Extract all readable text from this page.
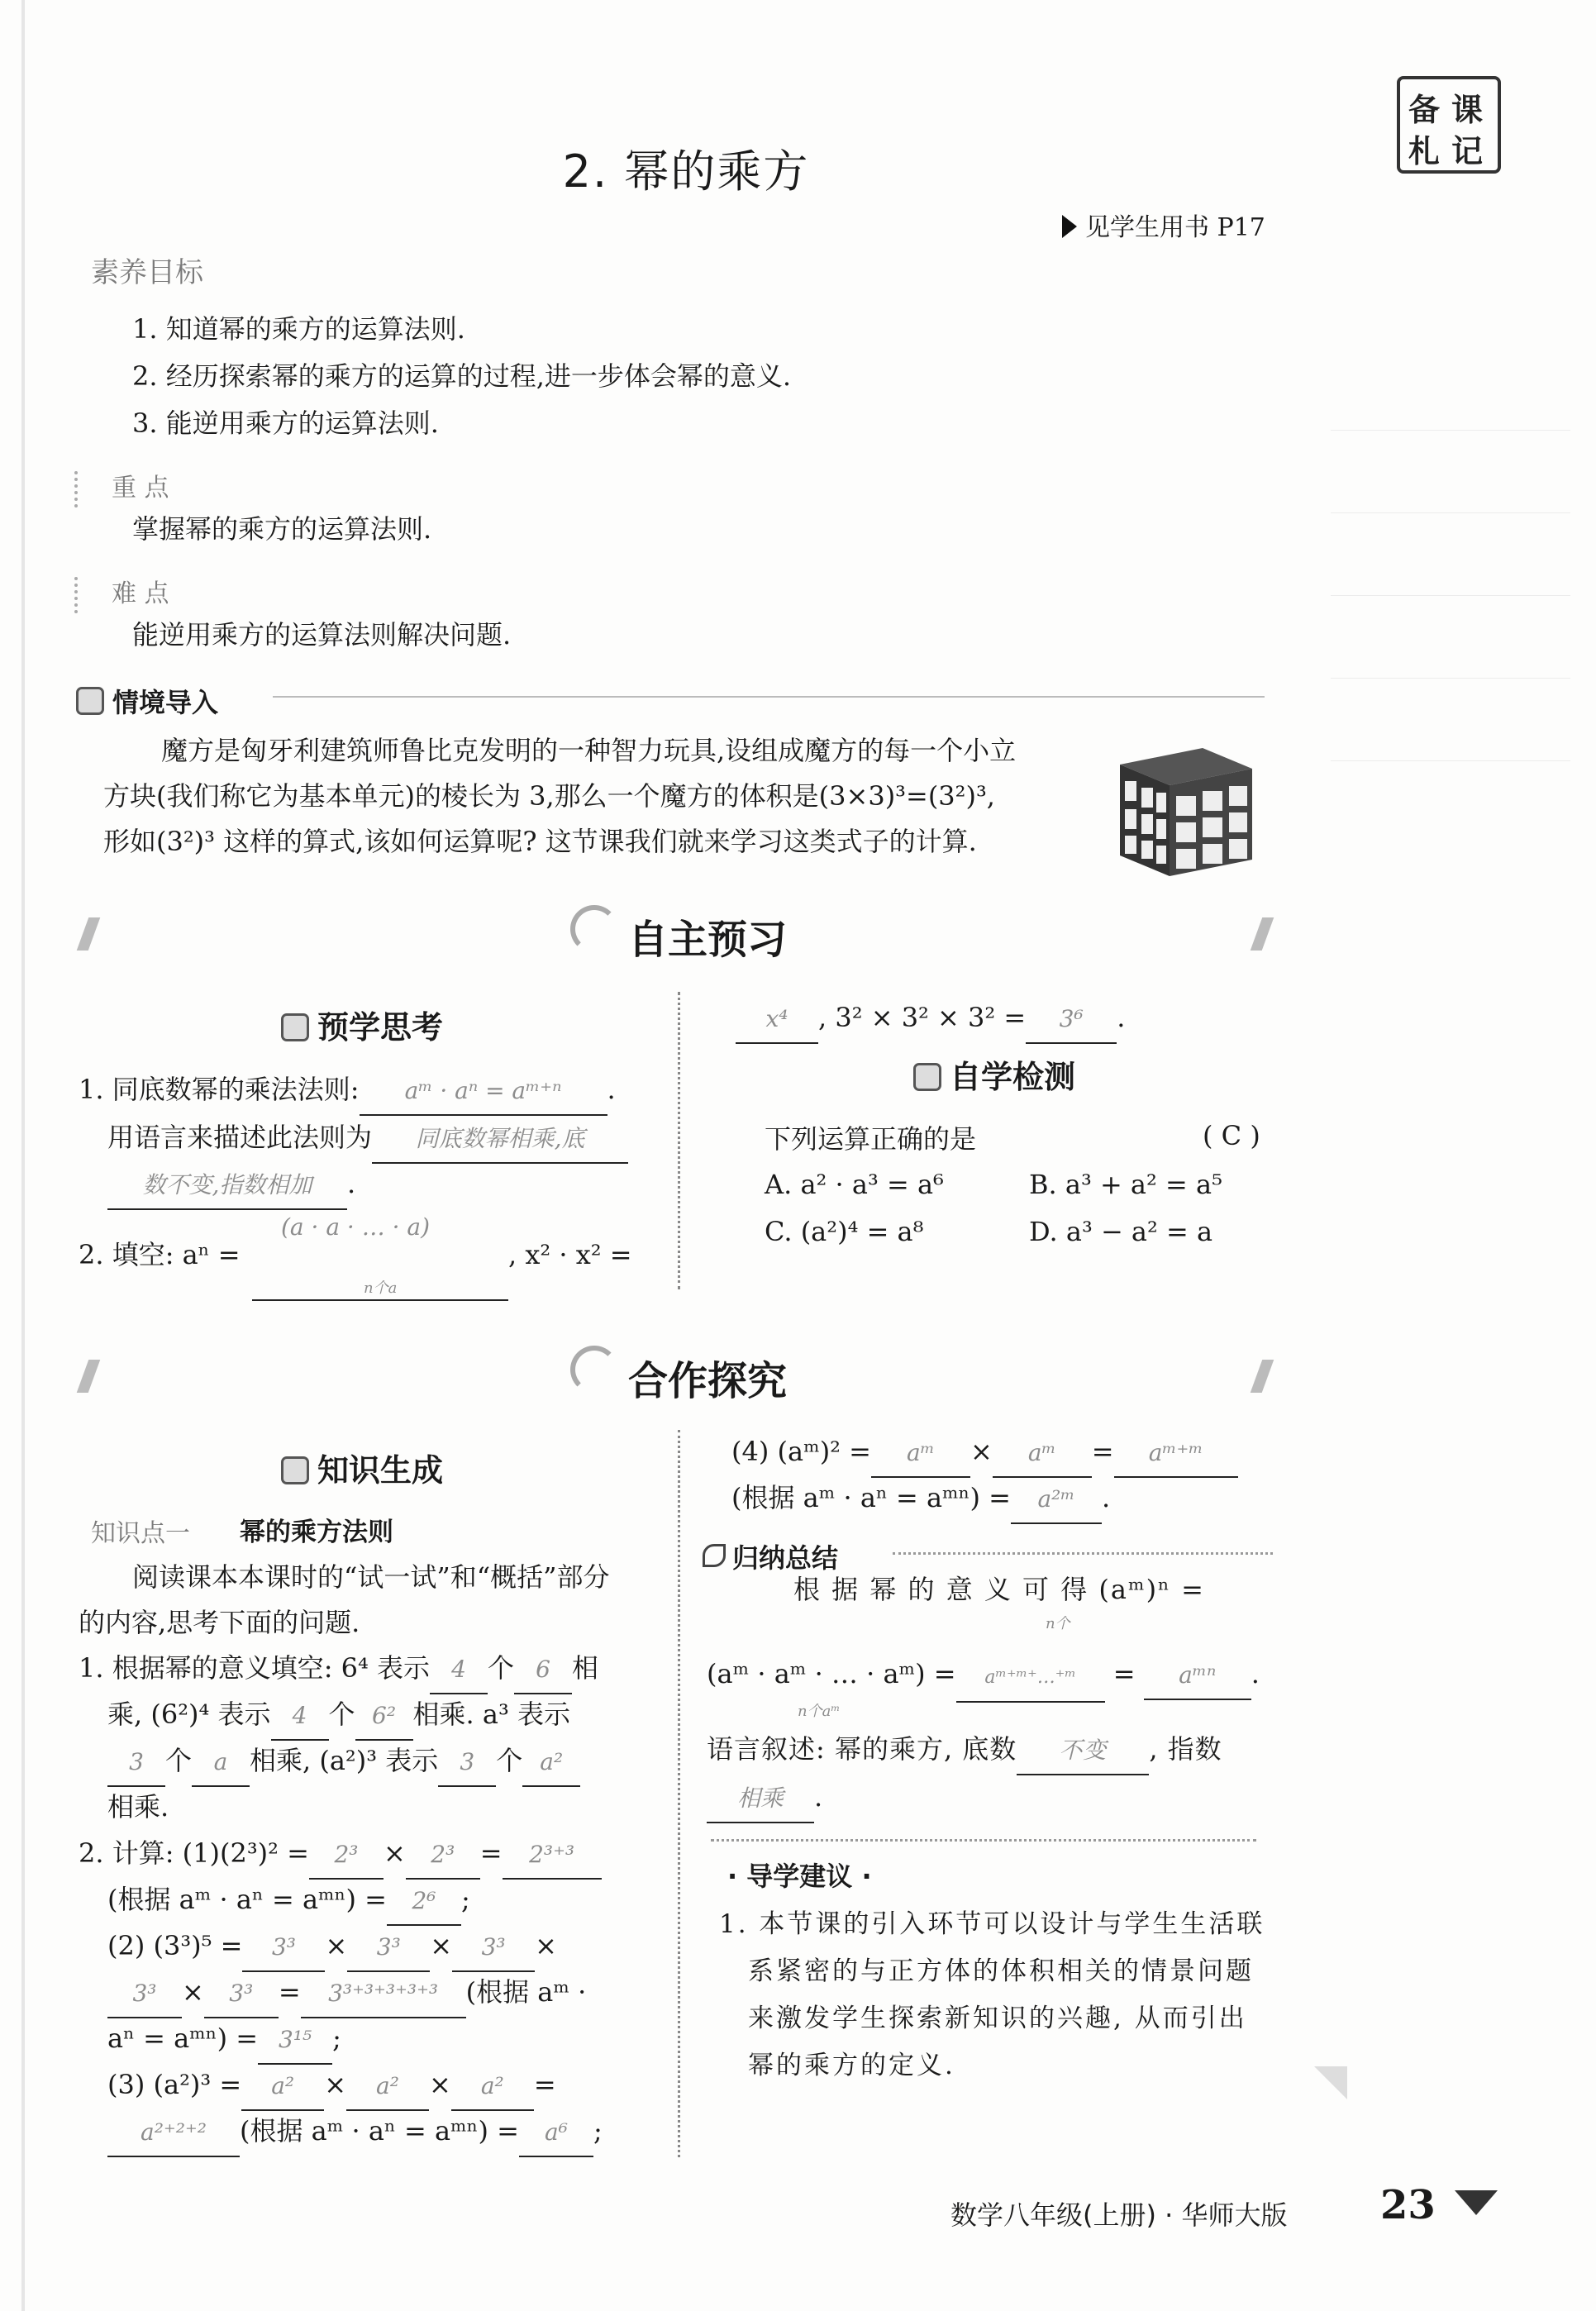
2. 幂的乘方
备 课
札 记
见学生用书 P17
素养目标
1. 知道幂的乘方的运算法则.
2. 经历探索幂的乘方的运算的过程,进一步体会幂的意义.
3. 能逆用乘方的运算法则.
重 点
掌握幂的乘方的运算法则.
难 点
能逆用乘方的运算法则解决问题.
情境导入
魔方是匈牙利建筑师鲁比克发明的一种智力玩具,设组成魔方的每一个小立
方块(我们称它为基本单元)的棱长为 3,那么一个魔方的体积是(3×3)³=(3²)³,
形如(3²)³ 这样的算式,该如何运算呢? 这节课我们就来学习这类式子的计算.
自主预习
预学思考
1. 同底数幂的乘法法则: aᵐ · aⁿ = aᵐ⁺ⁿ .
用语言来描述此法则为 同底数幂相乘,底
数不变,指数相加 .
(a · a · … · a)
2. 填空: aⁿ =	, x² · x² =
n个a
x⁴ , 3² × 3² × 3² = 3⁶ .
自学检测
下列运算正确的是	( C )
A. a² · a³ = a⁶	B. a³ + a² = a⁵
C. (a²)⁴ = a⁸	D. a³ − a² = a
合作探究
知识生成
知识点一 幂的乘方法则
阅读课本本课时的“试一试”和“概括”部分
的内容,思考下面的问题.
1. 根据幂的意义填空: 6⁴ 表示 4 个 6 相
乘, (6²)⁴ 表示 4 个 6² 相乘. a³ 表示
3 个 a 相乘, (a²)³ 表示 3 个 a²
相乘.
2. 计算: (1)(2³)² = 2³ × 2³ = 2³⁺³
(根据 aᵐ · aⁿ = aᵐⁿ) = 2⁶ ;
(2) (3³)⁵ = 3³ × 3³ × 3³ ×
3³ × 3³ = 3³⁺³⁺³⁺³⁺³ (根据 aᵐ ·
aⁿ = aᵐⁿ) = 3¹⁵ ;
(3) (a²)³ = a² × a² × a² =
a²⁺²⁺² (根据 aᵐ · aⁿ = aᵐⁿ) = a⁶ ;
(4) (aᵐ)² = aᵐ × aᵐ = aᵐ⁺ᵐ
(根据 aᵐ · aⁿ = aᵐⁿ) = a²ᵐ .
归纳总结
根 据 幂 的 意 义 可 得 (aᵐ)ⁿ =
n个
(aᵐ · aᵐ · … · aᵐ) = aᵐ⁺ᵐ⁺…⁺ᵐ = aᵐⁿ .
n个aᵐ
语言叙述: 幂的乘方, 底数 不变 , 指数
相乘 .
· 导学建议 ·
1. 本节课的引入环节可以设计与学生生活联
系紧密的与正方体的体积相关的情景问题
来激发学生探索新知识的兴趣, 从而引出
幂的乘方的定义.
数学八年级(上册) · 华师大版 23
